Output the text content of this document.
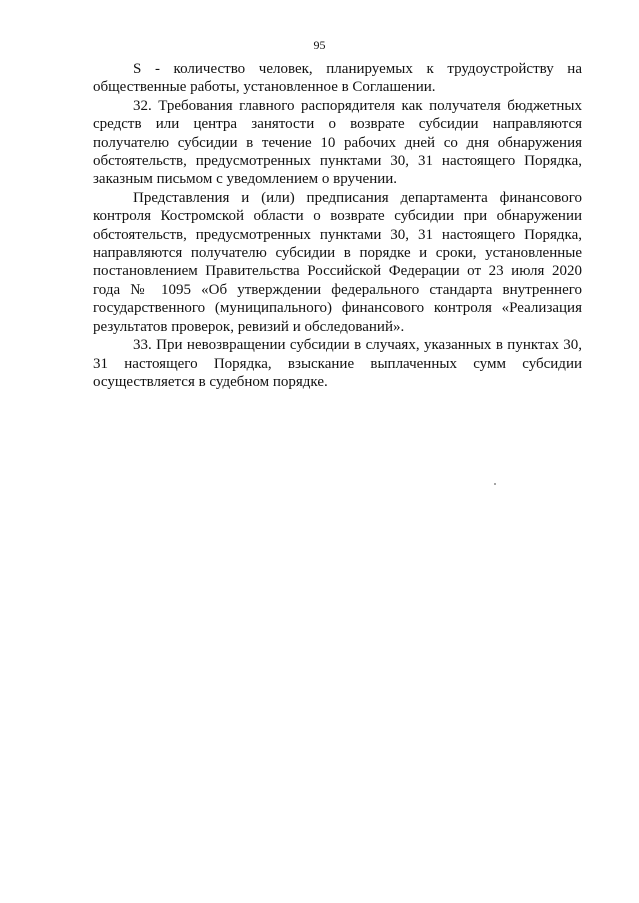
95

S - количество человек, планируемых к трудоустройству на общественные работы, установленное в Соглашении.

32. Требования главного распорядителя как получателя бюджетных средств или центра занятости о возврате субсидии направляются получателю субсидии в течение 10 рабочих дней со дня обнаружения обстоятельств, предусмотренных пунктами 30, 31 настоящего Порядка, заказным письмом с уведомлением о вручении.

Представления и (или) предписания департамента финансового контроля Костромской области о возврате субсидии при обнаружении обстоятельств, предусмотренных пунктами 30, 31 настоящего Порядка, направляются получателю субсидии в порядке и сроки, установленные постановлением Правительства Российской Федерации от 23 июля 2020 года № 1095 «Об утверждении федерального стандарта внутреннего государственного (муниципального) финансового контроля «Реализация результатов проверок, ревизий и обследований».

33. При невозвращении субсидии в случаях, указанных в пунктах 30, 31 настоящего Порядка, взыскание выплаченных сумм субсидии осуществляется в судебном порядке.
